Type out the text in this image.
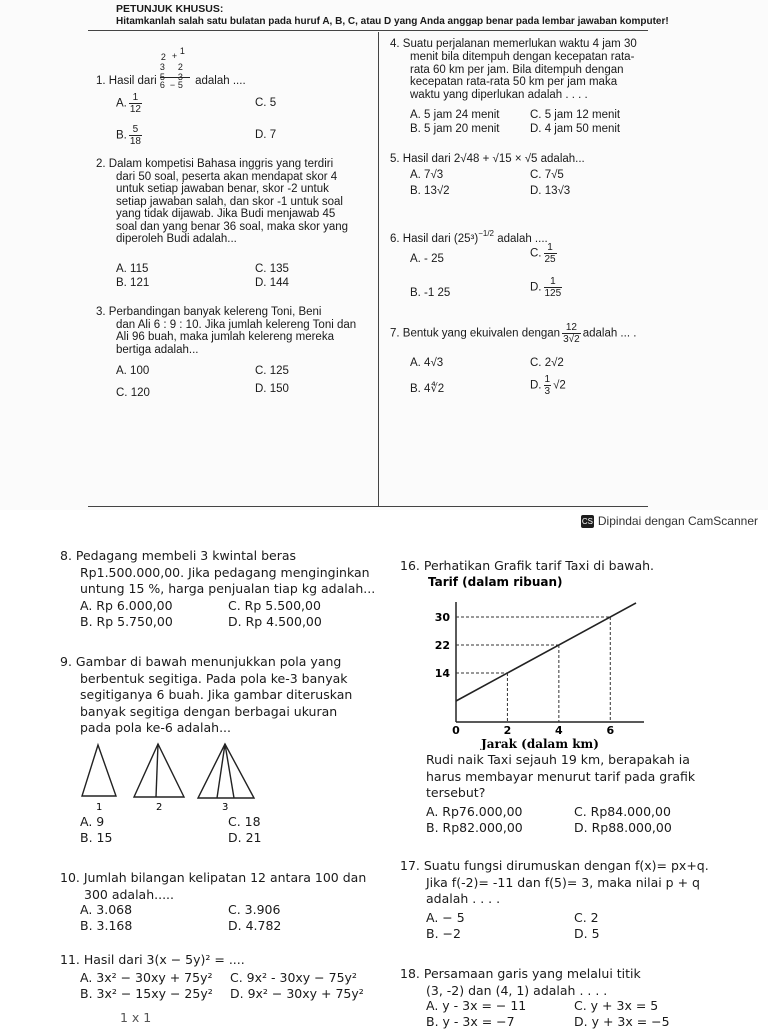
PETUNJUK KHUSUS:
Hitamkanlah salah satu bulatan pada huruf A, B, C, atau D yang Anda anggap benar pada lembar jawaban komputer!
1. Hasil dari
2 + 1
3 2
5 3
6 − 5 adalah ....
A. $\frac{1}{12}$	C. 5
B. $\frac{5}{18}$	D. 7
2. Dalam kompetisi Bahasa inggris yang terdiri
dari 50 soal, peserta akan mendapat skor 4
untuk setiap jawaban benar, skor -2 untuk
setiap jawaban salah, dan skor -1 untuk soal
yang tidak dijawab. Jika Budi menjawab 45
soal dan yang benar 36 soal, maka skor yang
diperoleh Budi adalah...
A. 115	C. 135
B. 121	D. 144
3. Perbandingan banyak kelereng Toni, Beni
dan Ali 6 : 9 : 10. Jika jumlah kelereng Toni dan
Ali 96 buah, maka jumlah kelereng mereka
bertiga adalah...
A. 100	C. 125
C. 120	D. 150
4. Suatu perjalanan memerlukan waktu 4 jam 30
menit bila ditempuh dengan kecepatan rata-
rata 60 km per jam. Bila ditempuh dengan
kecepatan rata-rata 50 km per jam maka
waktu yang diperlukan adalah . . . .
A. 5 jam 24 menit	C. 5 jam 12 menit
B. 5 jam 20 menit	D. 4 jam 50 menit
5. Hasil dari 2√48 + √15 × √5 adalah...
A. 7√3	C. 7√5
B. 13√2	D. 13√3
6. Hasil dari $(25^3)^{-1/2}$ adalah ....
A. - 25	C. $\frac{1}{25}$
B. -1 25	D. $\frac{1}{125}$
7. Bentuk yang ekuivalen dengan $\frac{12}{3√2}$ adalah ... .
A. 4√3	C. 2√2
B. 4∜2	D. $\frac{1}{3} √2$
CS Dipindai dengan CamScanner
8. Pedagang membeli 3 kwintal beras
Rp1.500.000,00. Jika pedagang menginginkan
untung 15 %, harga penjualan tiap kg adalah...
A. Rp 6.000,00	C. Rp 5.500,00
B. Rp 5.750,00	D. Rp 4.500,00
9. Gambar di bawah menunjukkan pola yang
berbentuk segitiga. Pada pola ke-3 banyak
segitiganya 6 buah. Jika gambar diteruskan
banyak segitiga dengan berbagai ukuran
pada pola ke-6 adalah...
1	2	3
A. 9	C. 18
B. 15	D. 21
10. Jumlah bilangan kelipatan 12 antara 100 dan
300 adalah.....
A. 3.068	C. 3.906
B. 3.168	D. 4.782
11. Hasil dari 3(x − 5y)² = ....
A. 3x² − 30xy + 75y² C. 9x² - 30xy − 75y²
B. 3x² − 15xy − 25y² D. 9x² − 30xy + 75y²
1 x 1
16. Perhatikan Grafik tarif Taxi di bawah.
Tarif (dalam ribuan)
14
22
30
0	2	4	6
Jarak (dalam km)
Rudi naik Taxi sejauh 19 km, berapakah ia
harus membayar menurut tarif pada grafik
tersebut?
A. Rp76.000,00	C. Rp84.000,00
B. Rp82.000,00	D. Rp88.000,00
17. Suatu fungsi dirumuskan dengan f(x)= px+q.
Jika f(-2)= -11 dan f(5)= 3, maka nilai p + q
adalah . . . .
A. − 5	C. 2
B. −2	D. 5
18. Persamaan garis yang melalui titik
(3, -2) dan (4, 1) adalah . . . .
A. y - 3x = − 11	C. y + 3x = 5
B. y - 3x = −7	D. y + 3x = −5
